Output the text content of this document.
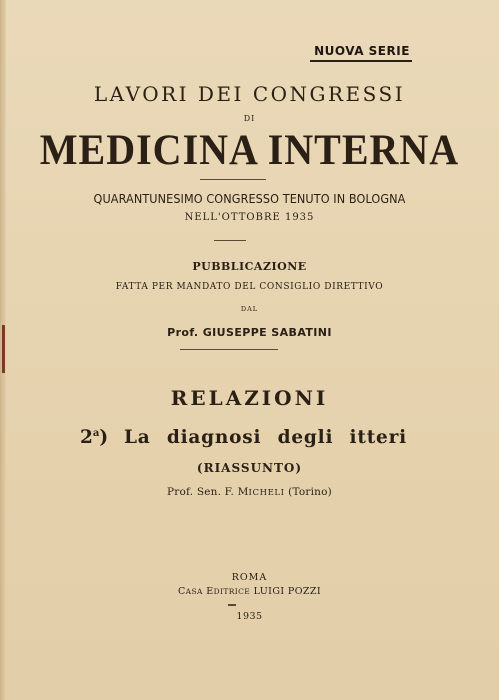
NUOVA SERIE
LAVORI DEI CONGRESSI
DI
MEDICINA INTERNA
QUARANTUNESIMO CONGRESSO TENUTO IN BOLOGNA
NELL'OTTOBRE 1935
PUBBLICAZIONE
FATTA PER MANDATO DEL CONSIGLIO DIRETTIVO
DAL
Prof. GIUSEPPE SABATINI
RELAZIONI
2$^a$) La diagnosi degli itteri
(RIASSUNTO)
Prof. Sen. F. MICHELI (Torino)
ROMA
CASA EDITRICE LUIGI POZZI
1935
